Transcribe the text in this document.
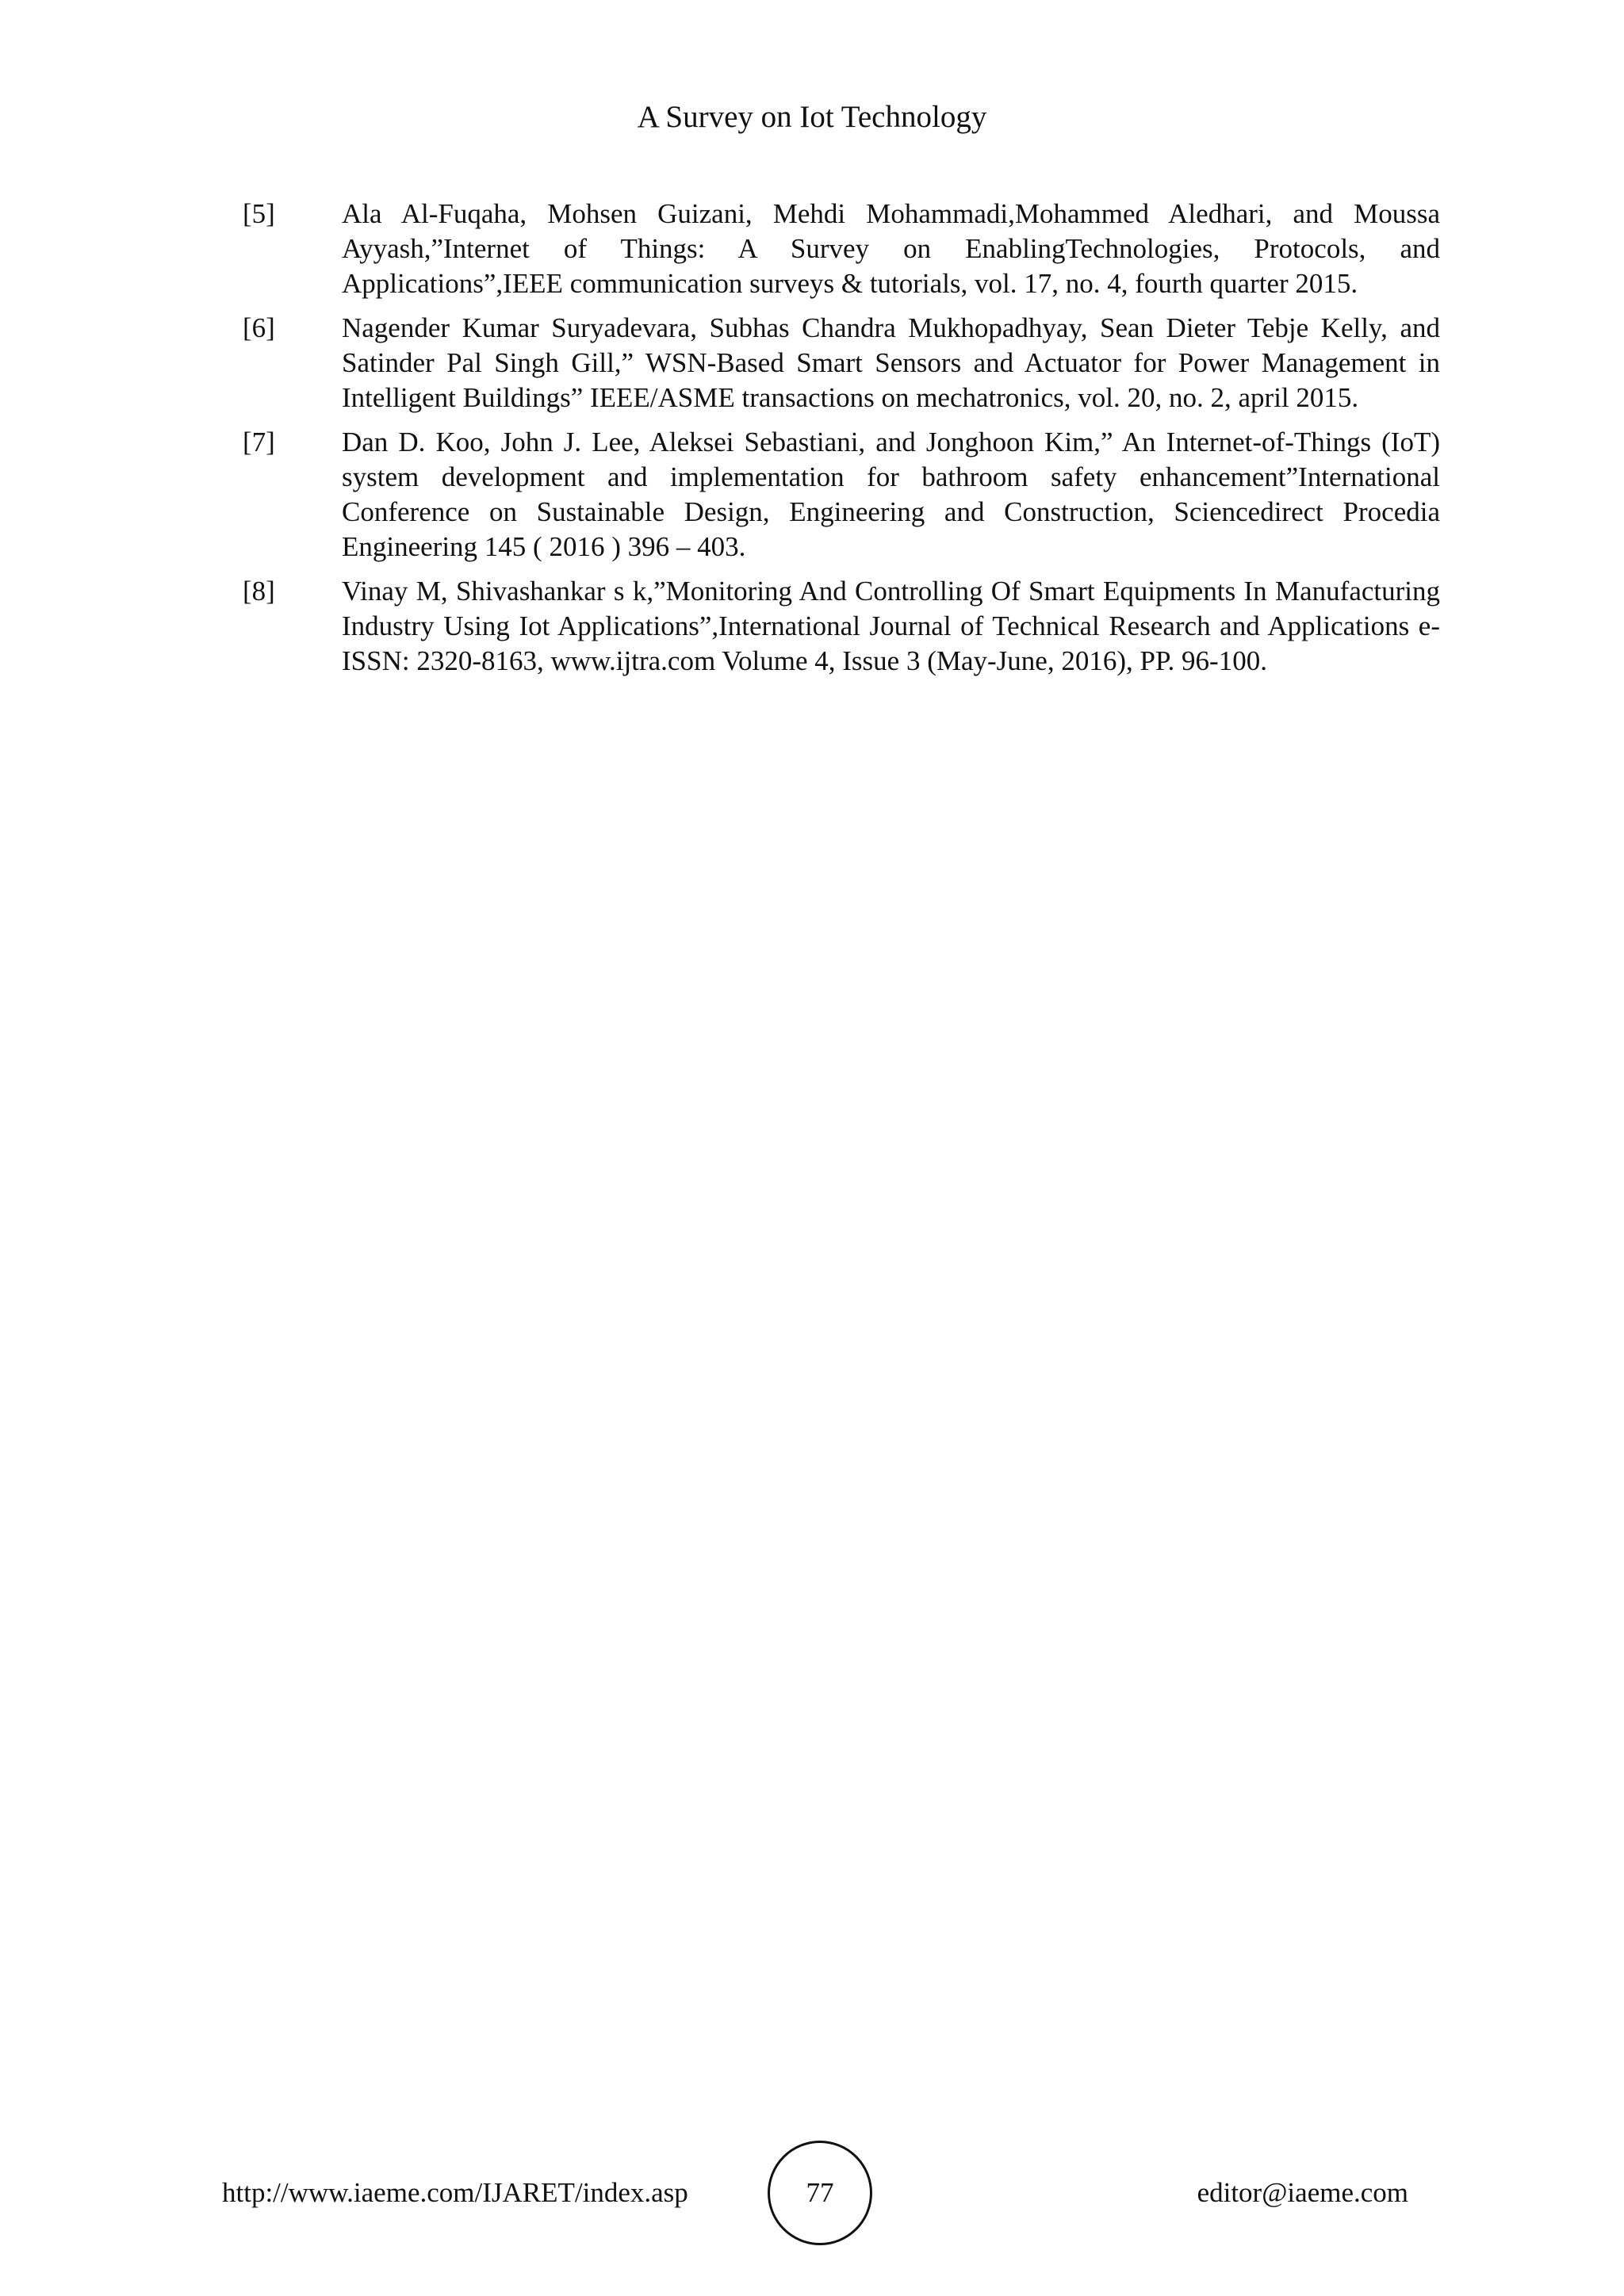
A Survey on Iot Technology
[5]	Ala Al-Fuqaha, Mohsen Guizani, Mehdi Mohammadi,Mohammed Aledhari, and Moussa Ayyash,”Internet of Things: A Survey on EnablingTechnologies, Protocols, and Applications”,IEEE communication surveys & tutorials, vol. 17, no. 4, fourth quarter 2015.
[6]	Nagender Kumar Suryadevara, Subhas Chandra Mukhopadhyay, Sean Dieter Tebje Kelly, and Satinder Pal Singh Gill,” WSN-Based Smart Sensors and Actuator for Power Management in Intelligent Buildings” IEEE/ASME transactions on mechatronics, vol. 20, no. 2, april 2015.
[7]	Dan D. Koo, John J. Lee, Aleksei Sebastiani, and Jonghoon Kim,” An Internet-of-Things (IoT) system development and implementation for bathroom safety enhancement”International Conference on Sustainable Design, Engineering and Construction, Sciencedirect Procedia Engineering 145 ( 2016 ) 396 – 403.
[8]	Vinay M, Shivashankar s k,”Monitoring And Controlling Of Smart Equipments In Manufacturing Industry Using Iot Applications”,International Journal of Technical Research and Applications e-ISSN: 2320-8163, www.ijtra.com Volume 4, Issue 3 (May-June, 2016), PP. 96-100.
http://www.iaeme.com/IJARET/index.asp	77	editor@iaeme.com
